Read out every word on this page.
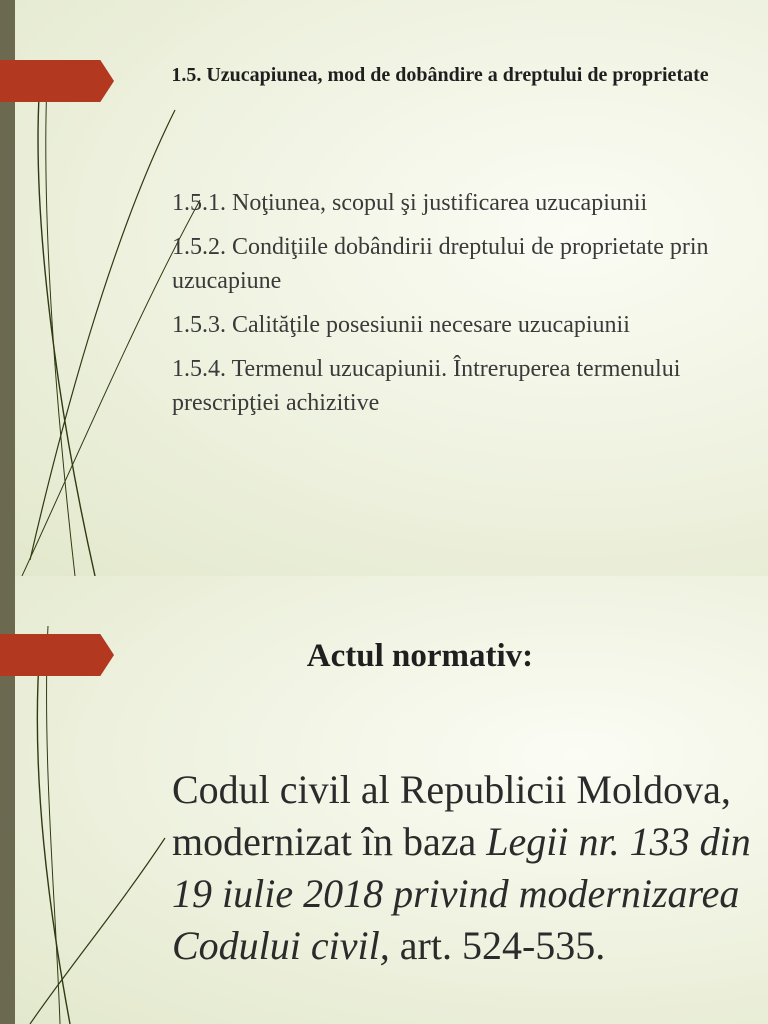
1.5. Uzucapiunea, mod de dobândire a dreptului de proprietate
1.5.1. Noţiunea, scopul şi justificarea uzucapiunii
1.5.2. Condiţiile dobândirii dreptului de proprietate prin uzucapiune
1.5.3. Calităţile posesiunii necesare uzucapiunii
1.5.4. Termenul uzucapiunii. Întreruperea termenului prescripţiei achizitive
Actul normativ:

Codul civil al Republicii Moldova, modernizat în baza Legii nr. 133 din 19 iulie 2018 privind modernizarea Codului civil, art. 524-535.
